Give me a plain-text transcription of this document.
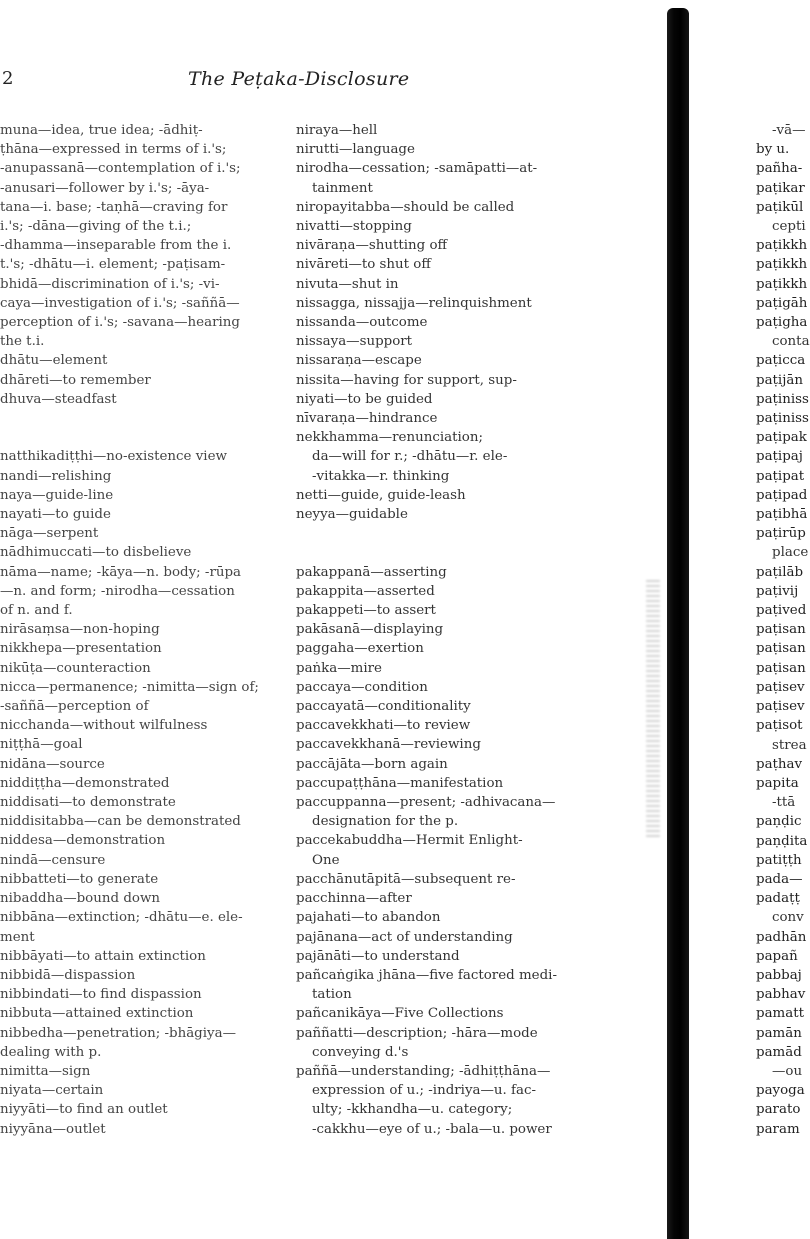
2	The Peṭaka-Disclosure
muna—idea, true idea; -ādhiṭ-
ṭhāna—expressed in terms of i.'s;
-anupassanā—contemplation of i.'s;
-anusari—follower by i.'s; -āya-
tana—i. base; -taṇhā—craving for
i.'s; -dāna—giving of the t.i.;
-dhamma—inseparable from the i.
t.'s; -dhātu—i. element; -paṭisam-
bhidā—discrimination of i.'s; -vi-
caya—investigation of i.'s; -saññā—
perception of i.'s; -savana—hearing
the t.i.
dhātu—element
dhāreti—to remember
dhuva—steadfast
natthikadiṭṭhi—no-existence view
nandi—relishing
naya—guide-line
nayati—to guide
nāga—serpent
nādhimuccati—to disbelieve
nāma—name; -kāya—n. body; -rūpa
—n. and form; -nirodha—cessation
of n. and f.
nirāsaṃsa—non-hoping
nikkhepa—presentation
nikūṭa—counteraction
nicca—permanence; -nimitta—sign of;
-saññā—perception of
nicchanda—without wilfulness
niṭṭhā—goal
nidāna—source
niddiṭṭha—demonstrated
niddisati—to demonstrate
niddisitabba—can be demonstrated
niddesa—demonstration
nindā—censure
nibbatteti—to generate
nibaddha—bound down
nibbāna—extinction; -dhātu—e. ele-
ment
nibbāyati—to attain extinction
nibbidā—dispassion
nibbindati—to find dispassion
nibbuta—attained extinction
nibbedha—penetration; -bhāgiya—
dealing with p.
nimitta—sign
niyata—certain
niyyāti—to find an outlet
niyyāna—outlet
niraya—hell
nirutti—language
nirodha—cessation; -samāpatti—at-
tainment
niropayitabba—should be called
nivatti—stopping
nivāraṇa—shutting off
nivāreti—to shut off
nivuta—shut in
nissagga, nissajja—relinquishment
nissanda—outcome
nissaya—support
nissaraṇa—escape
nissita—having for support, sup-
niyati—to be guided
nīvaraṇa—hindrance
nekkhamma—renunciation;
da—will for r.; -dhātu—r. ele-
-vitakka—r. thinking
netti—guide, guide-leash
neyya—guidable
pakappanā—asserting
pakappita—asserted
pakappeti—to assert
pakāsanā—displaying
paggaha—exertion
paṅka—mire
paccaya—condition
paccayatā—conditionality
paccavekkhati—to review
paccavekkhanā—reviewing
paccājāta—born again
paccupaṭṭhāna—manifestation
paccuppanna—present; -adhivacana—
designation for the p.
paccekabuddha—Hermit Enlight-
One
pacchānutāpitā—subsequent re-
pacchinna—after
pajahati—to abandon
pajānana—act of understanding
pajānāti—to understand
pañcaṅgika jhāna—five factored medi-
tation
pañcanikāya—Five Collections
paññatti—description; -hāra—mode
conveying d.'s
paññā—understanding; -ādhiṭṭhāna—
expression of u.; -indriya—u. fac-
ulty; -kkhandha—u. category;
-cakkhu—eye of u.; -bala—u. power
-vā—
by u.
pañha-
paṭikar
paṭikūl
cepti
paṭikkh
paṭikkh
paṭikkh
paṭigāh
paṭigha
conta
paṭicca
paṭijān
paṭiniss
paṭiniss
paṭipak
paṭipaj
paṭipat
paṭipad
paṭibhā
paṭirūp
place
paṭilāb
paṭivij
paṭived
paṭisan
paṭisan
paṭisan
paṭisev
paṭisev
paṭisot
strea
paṭhav
papita
-ttā
paṇḍic
paṇḍita
patiṭṭh
pada—
padaṭṭ
conv
padhān
papañ
pabbaj
pabhav
pamatt
pamān
pamād
—ou
payoga
parato
param
